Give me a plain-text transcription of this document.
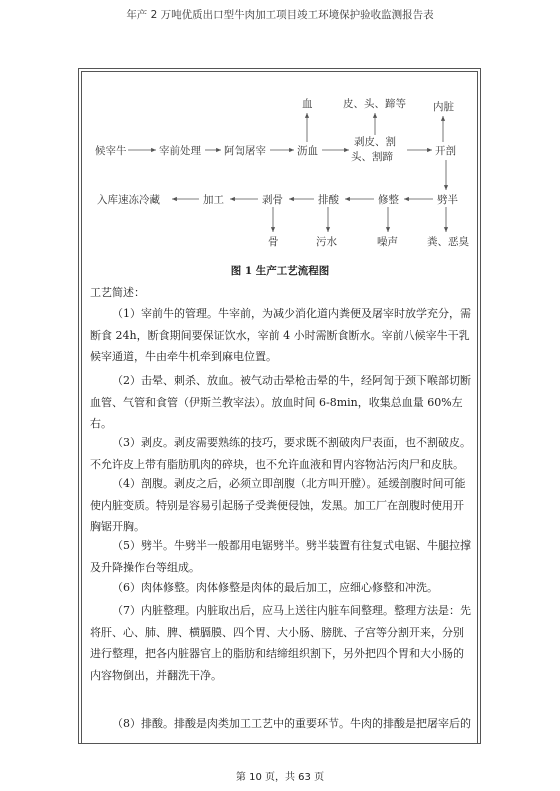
年产 2 万吨优质出口型牛肉加工项目竣工环境保护验收监测报告表
候宰牛	宰前处理 阿訇屠宰	沥血
剥皮、割
头、割蹄	开剖
血	皮、头、蹄等	内脏
入库速冻冷藏	加工	剥骨	排酸	修整	劈半
骨	污水	噪声	粪、恶臭
图 1 生产工艺流程图
工艺简述：
（1）宰前牛的管理。牛宰前，为减少消化道内粪便及屠宰时放学充分，需断食 24h，断食期间要保证饮水，宰前 4 小时需断食断水。宰前八候宰牛干乳候宰通道，牛由牵牛机牵到麻电位置。
（2）击晕、刺杀、放血。被气动击晕枪击晕的牛，经阿訇于颈下喉部切断血管、气管和食管（伊斯兰教宰法）。放血时间 6-8min，收集总血量 60%左右。
（3）剥皮。剥皮需要熟练的技巧，要求既不割破肉尸表面，也不割破皮。不允许皮上带有脂肪肌肉的碎块，也不允许血液和胃内容物沾污肉尸和皮肤。
（4）剖腹。剥皮之后，必须立即剖腹（北方叫开膛）。延缓剖腹时间可能使内脏变质。特别是容易引起肠子受粪便侵蚀，发黑。加工厂在剖腹时使用开胸锯开胸。
（5）劈半。牛劈半一般都用电锯劈半。劈半装置有往复式电锯、牛腿拉撑及升降操作台等组成。
（6）肉体修整。肉体修整是肉体的最后加工，应细心修整和冲洗。
（7）内脏整理。内脏取出后，应马上送往内脏车间整理。整理方法是：先将肝、心、肺、脾、横膈膜、四个胃、大小肠、膀胱、子宫等分割开来，分别进行整理，把各内脏器官上的脂肪和结缔组织割下，另外把四个胃和大小肠的内容物倒出，并翻洗干净。
（8）排酸。排酸是肉类加工工艺中的重要环节。牛肉的排酸是把屠宰后的
第 10 页，共 63 页
